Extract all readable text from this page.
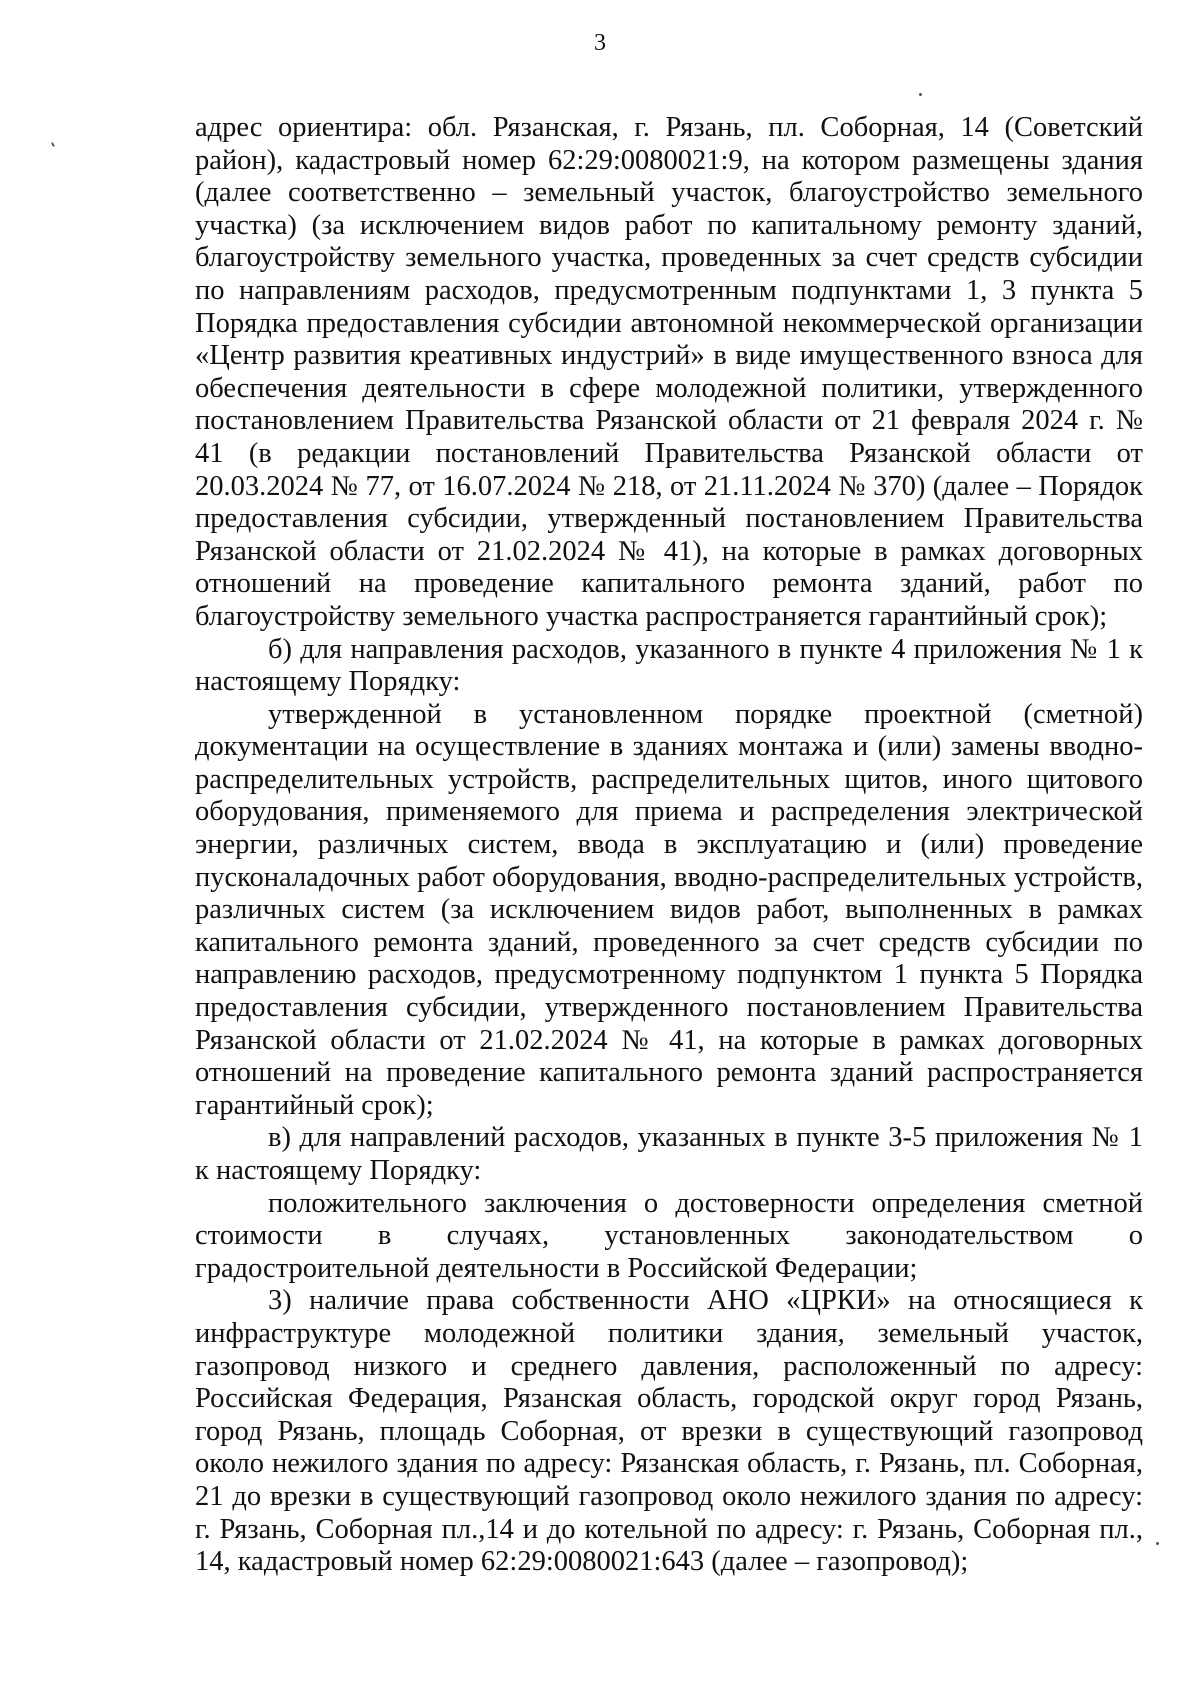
3

адрес ориентира: обл. Рязанская, г. Рязань, пл. Соборная, 14 (Советский район), кадастровый номер 62:29:0080021:9, на котором размещены здания (далее соответственно – земельный участок, благоустройство земельного участка) (за исключением видов работ по капитальному ремонту зданий, благоустройству земельного участка, проведенных за счет средств субсидии по направлениям расходов, предусмотренным подпунктами 1, 3 пункта 5 Порядка предоставления субсидии автономной некоммерческой организации «Центр развития креативных индустрий» в виде имущественного взноса для обеспечения деятельности в сфере молодежной политики, утвержденного постановлением Правительства Рязанской области от 21 февраля 2024 г. № 41 (в редакции постановлений Правительства Рязанской области от 20.03.2024 № 77, от 16.07.2024 № 218, от 21.11.2024 № 370) (далее – Порядок предоставления субсидии, утвержденный постановлением Правительства Рязанской области от 21.02.2024 № 41), на которые в рамках договорных отношений на проведение капитального ремонта зданий, работ по благоустройству земельного участка распространяется гарантийный срок);

б) для направления расходов, указанного в пункте 4 приложения № 1 к настоящему Порядку:

утвержденной в установленном порядке проектной (сметной) документации на осуществление в зданиях монтажа и (или) замены вводно-распределительных устройств, распределительных щитов, иного щитового оборудования, применяемого для приема и распределения электрической энергии, различных систем, ввода в эксплуатацию и (или) проведение пусконаладочных работ оборудования, вводно-распределительных устройств, различных систем (за исключением видов работ, выполненных в рамках капитального ремонта зданий, проведенного за счет средств субсидии по направлению расходов, предусмотренному подпунктом 1 пункта 5 Порядка предоставления субсидии, утвержденного постановлением Правительства Рязанской области от 21.02.2024 № 41, на которые в рамках договорных отношений на проведение капитального ремонта зданий распространяется гарантийный срок);

в) для направлений расходов, указанных в пункте 3-5 приложения № 1 к настоящему Порядку:

положительного заключения о достоверности определения сметной стоимости в случаях, установленных законодательством о градостроительной деятельности в Российской Федерации;

3) наличие права собственности АНО «ЦРКИ» на относящиеся к инфраструктуре молодежной политики здания, земельный участок, газопровод низкого и среднего давления, расположенный по адресу: Российская Федерация, Рязанская область, городской округ город Рязань, город Рязань, площадь Соборная, от врезки в существующий газопровод около нежилого здания по адресу: Рязанская область, г. Рязань, пл. Соборная, 21 до врезки в существующий газопровод около нежилого здания по адресу: г. Рязань, Соборная пл.,14 и до котельной по адресу: г. Рязань, Соборная пл., 14, кадастровый номер 62:29:0080021:643 (далее – газопровод);
